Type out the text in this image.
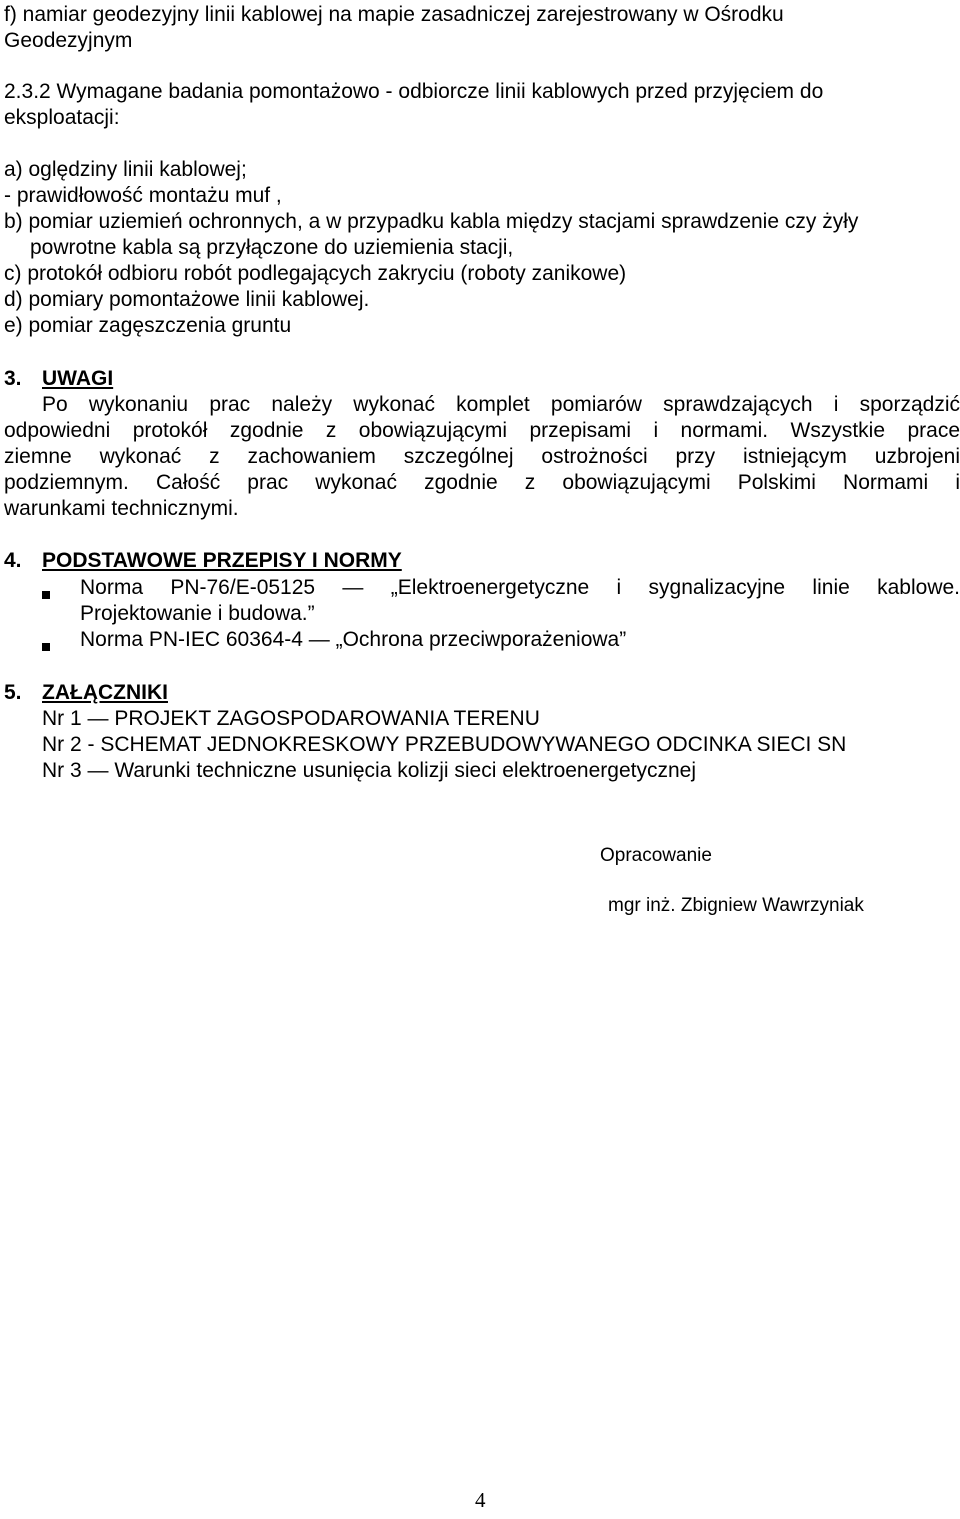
f) namiar geodezyjny linii kablowej na mapie zasadniczej zarejestrowany w Ośrodku
Geodezyjnym
2.3.2 Wymagane badania pomontażowo - odbiorcze linii kablowych przed przyjęciem do
eksploatacji:
a) oględziny linii kablowej;
- prawidłowość montażu muf ,
b) pomiar uziemień ochronnych, a w przypadku kabla między stacjami sprawdzenie czy żyły
powrotne kabla są przyłączone do uziemienia stacji,
c) protokół odbioru robót podlegających zakryciu (roboty zanikowe)
d) pomiary pomontażowe linii kablowej.
e) pomiar zagęszczenia gruntu
3. UWAGI
Po wykonaniu prac należy wykonać komplet pomiarów sprawdzających i sporządzić
odpowiedni protokół zgodnie z obowiązującymi przepisami i normami. Wszystkie prace
ziemne wykonać z zachowaniem szczególnej ostrożności przy istniejącym uzbrojeni
podziemnym. Całość prac wykonać zgodnie z obowiązującymi Polskimi Normami i
warunkami technicznymi.
4. PODSTAWOWE PRZEPISY I NORMY
Norma PN-76/E-05125 — „Elektroenergetyczne i sygnalizacyjne linie kablowe.
Projektowanie i budowa.”
Norma PN-IEC 60364-4 — „Ochrona przeciwporażeniowa”
5. ZAŁĄCZNIKI
Nr 1 — PROJEKT ZAGOSPODAROWANIA TERENU
Nr 2 - SCHEMAT JEDNOKRESKOWY PRZEBUDOWYWANEGO ODCINKA SIECI SN
Nr 3 — Warunki techniczne usunięcia kolizji sieci elektroenergetycznej
Opracowanie
mgr inż. Zbigniew Wawrzyniak
4
